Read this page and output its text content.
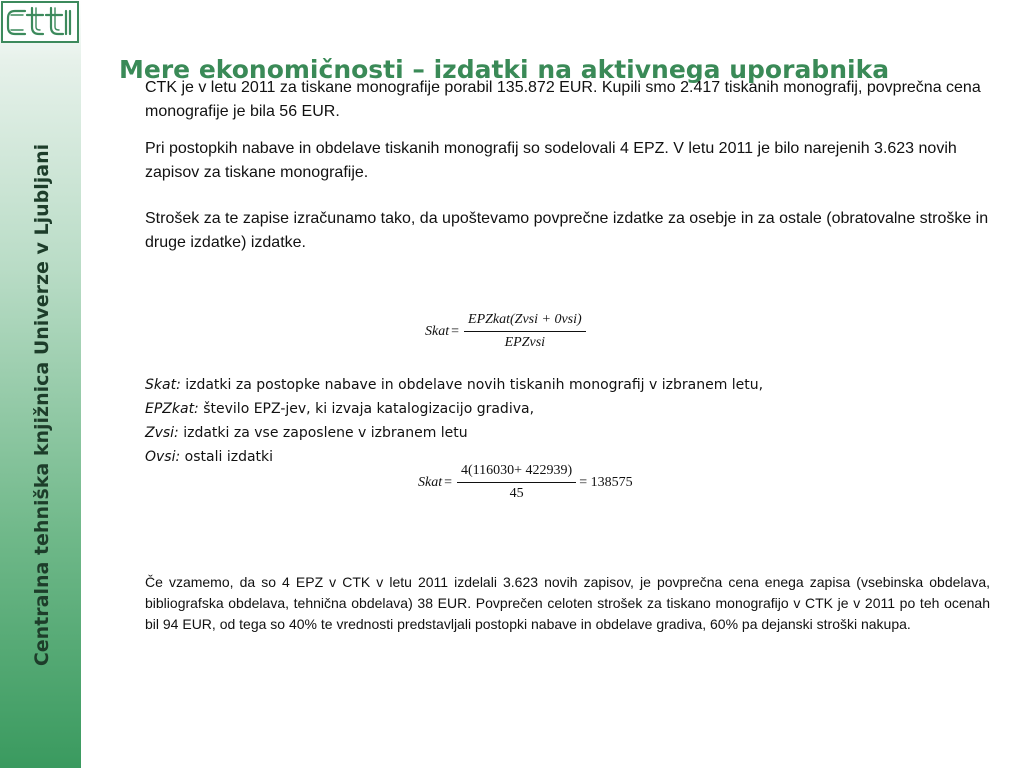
Centralna tehniška knjižnica Univerze v Ljubljani
Mere ekonomičnosti – izdatki na aktivnega uporabnika

CTK je v letu 2011 za tiskane monografije porabil 135.872 EUR. Kupili smo 2.417 tiskanih monografij, povprečna cena monografije je bila 56 EUR.

Pri postopkih nabave in obdelave tiskanih monografij so sodelovali 4 EPZ. V letu 2011 je bilo narejenih 3.623 novih zapisov za tiskane monografije.

Strošek za te zapise izračunamo tako, da upoštevamo povprečne izdatke za osebje in za ostale (obratovalne stroške in druge izdatke) izdatke.

Skat = $\frac{\text{EPZkat(Zvsi + 0vsi)}}{\text{EPZvsi}}$
Skat: izdatki za postopke nabave in obdelave novih tiskanih monografij v izbranem letu,
EPZkat: število EPZ-jev, ki izvaja katalogizacijo gradiva,
Zvsi: izdatki za vse zaposlene v izbranem letu
Ovsi: ostali izdatki
Skat = $\frac{4(116030+ 422939)}{45} = 138575$

Če vzamemo, da so 4 EPZ v CTK v letu 2011 izdelali 3.623 novih zapisov, je povprečna cena enega zapisa (vsebinska obdelava, bibliografska obdelava, tehnična obdelava) 38 EUR. Povprečen celoten strošek za tiskano monografijo v CTK je v 2011 po teh ocenah bil 94 EUR, od tega so 40% te vrednosti predstavljali postopki nabave in obdelave gradiva, 60% pa dejanski stroški nakupa.
